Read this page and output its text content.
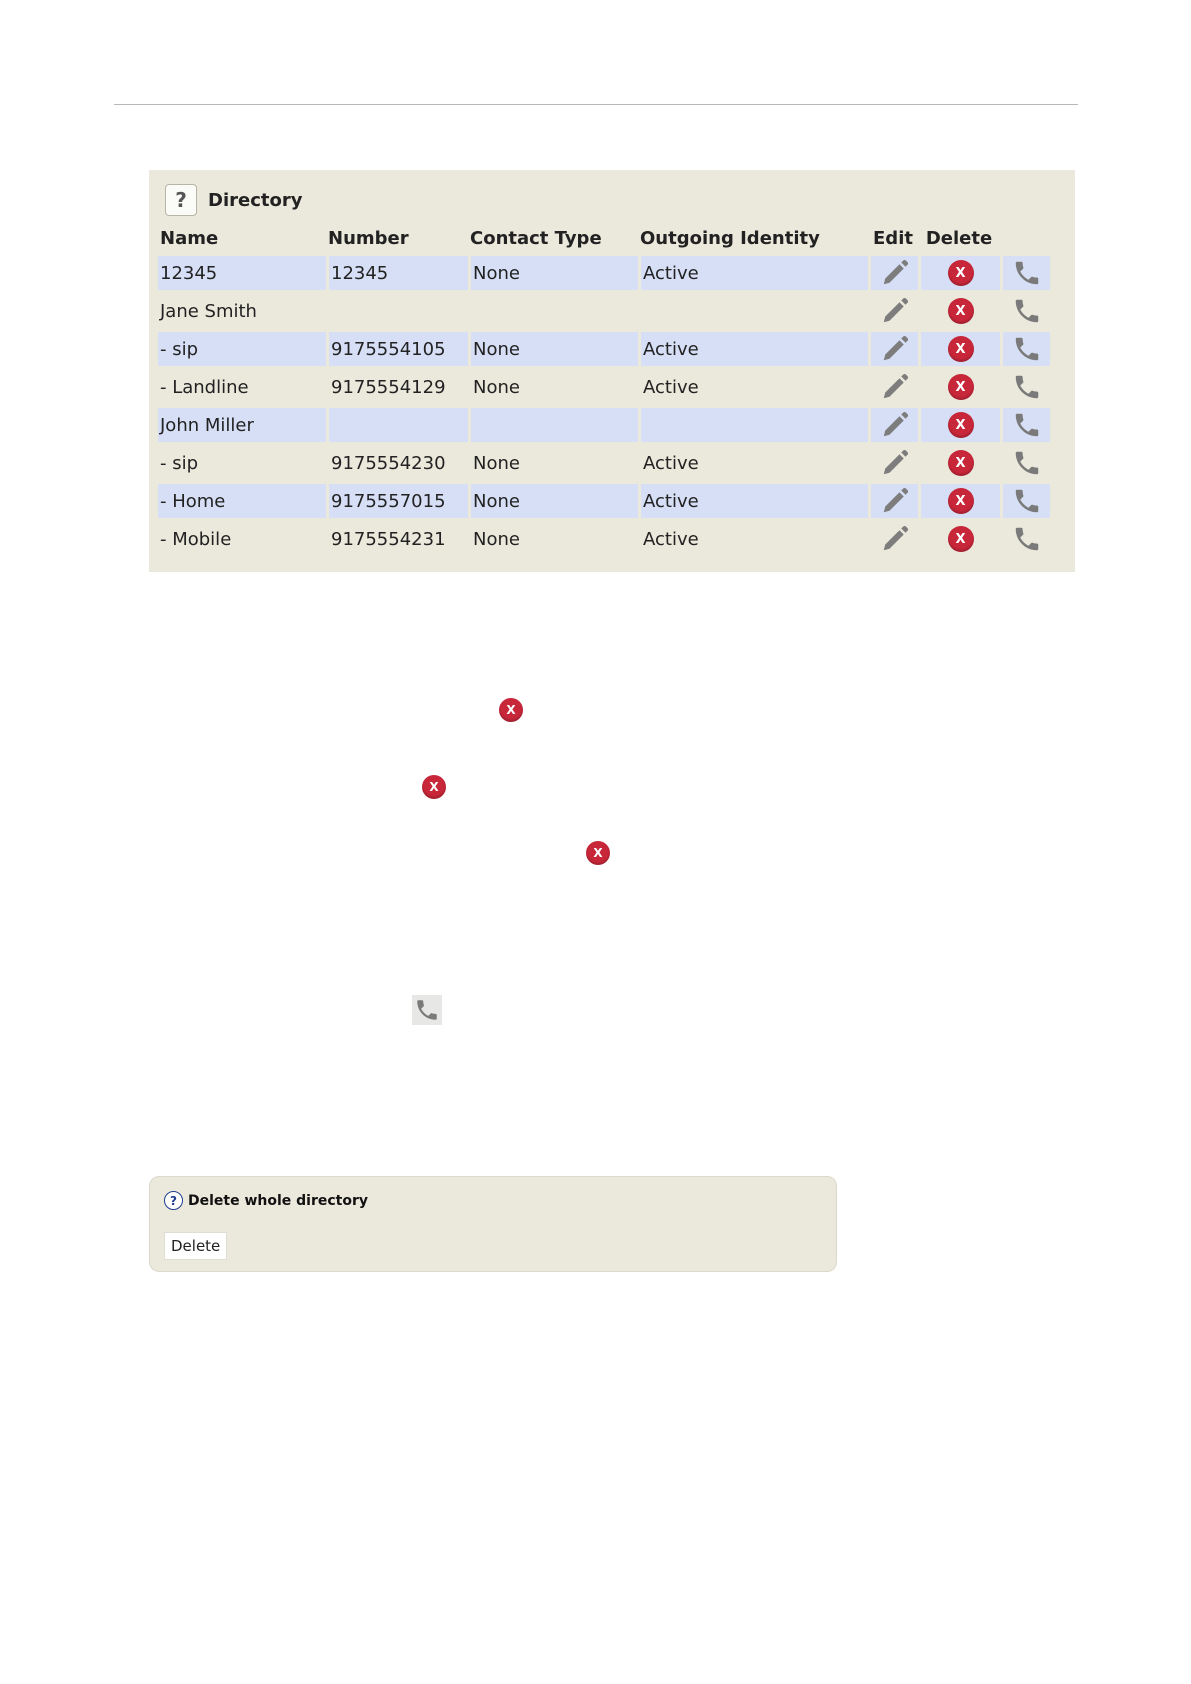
?	Directory
Name	Number	Contact Type	Outgoing Identity	Edit	Delete	
12345	12345	None	Active		X	
Jane Smith					X	
- sip	9175554105	None	Active		X	
- Landline	9175554129	None	Active		X	
John Miller					X	
- sip	9175554230	None	Active		X	
- Home	9175557015	None	Active		X	
- Mobile	9175554231	None	Active		X	
X
X
X
? Delete whole directory
Delete
